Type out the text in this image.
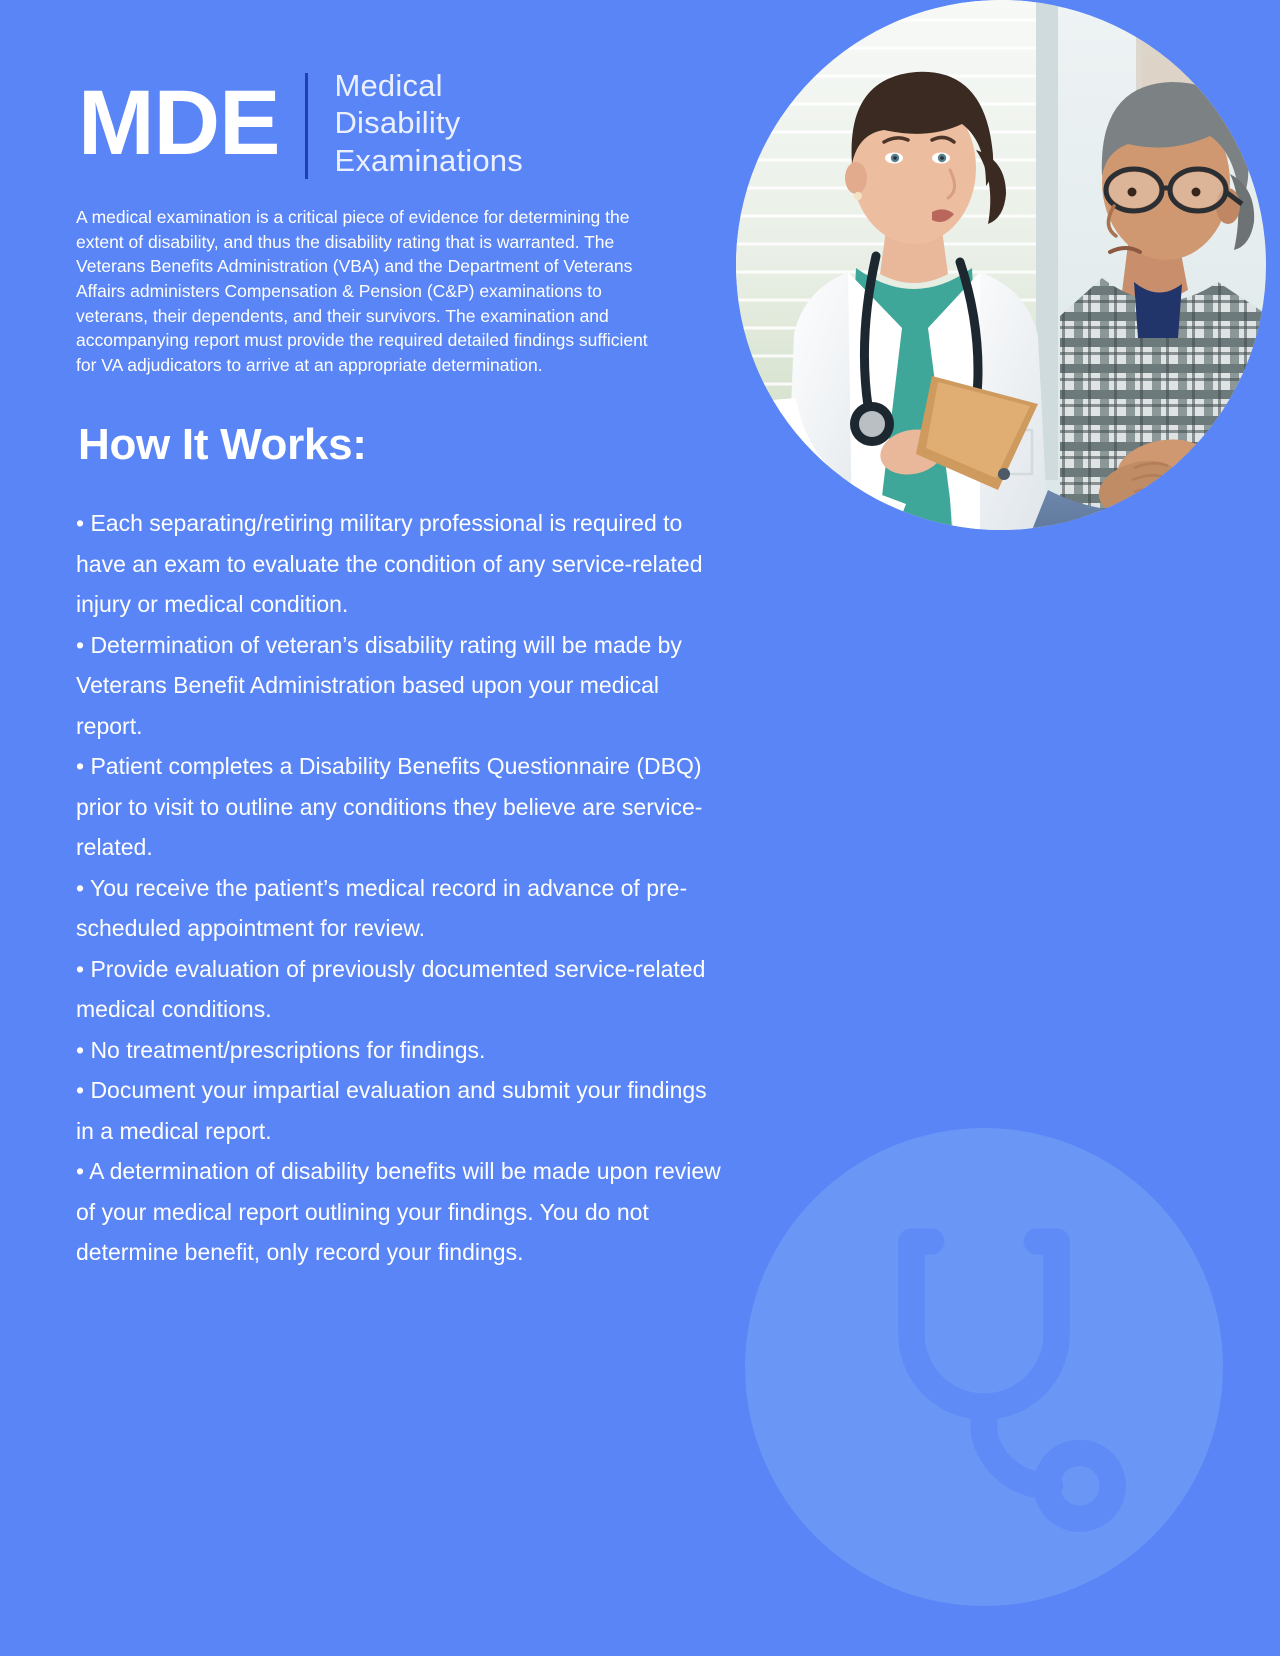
MDE	Medical
Disability
Examinations

A medical examination is a critical piece of evidence for determining the extent of disability, and thus the disability rating that is warranted. The Veterans Benefits Administration (VBA) and the Department of Veterans Affairs administers Compensation & Pension (C&P) examinations to veterans, their dependents, and their survivors. The examination and accompanying report must provide the required detailed findings sufficient for VA adjudicators to arrive at an appropriate determination.

How It Works:
• Each separating/retiring military professional is required to have an exam to evaluate the condition of any service-related injury or medical condition.
• Determination of veteran’s disability rating will be made by Veterans Benefit Administration based upon your medical report.
• Patient completes a Disability Benefits Questionnaire (DBQ) prior to visit to outline any conditions they believe are service-related.
• You receive the patient’s medical record in advance of pre-scheduled appointment for review.
• Provide evaluation of previously documented service-related medical conditions.
• No treatment/prescriptions for findings.
• Document your impartial evaluation and submit your findings in a medical report.
• A determination of disability benefits will be made upon review of your medical report outlining your findings. You do not determine benefit, only record your findings.
